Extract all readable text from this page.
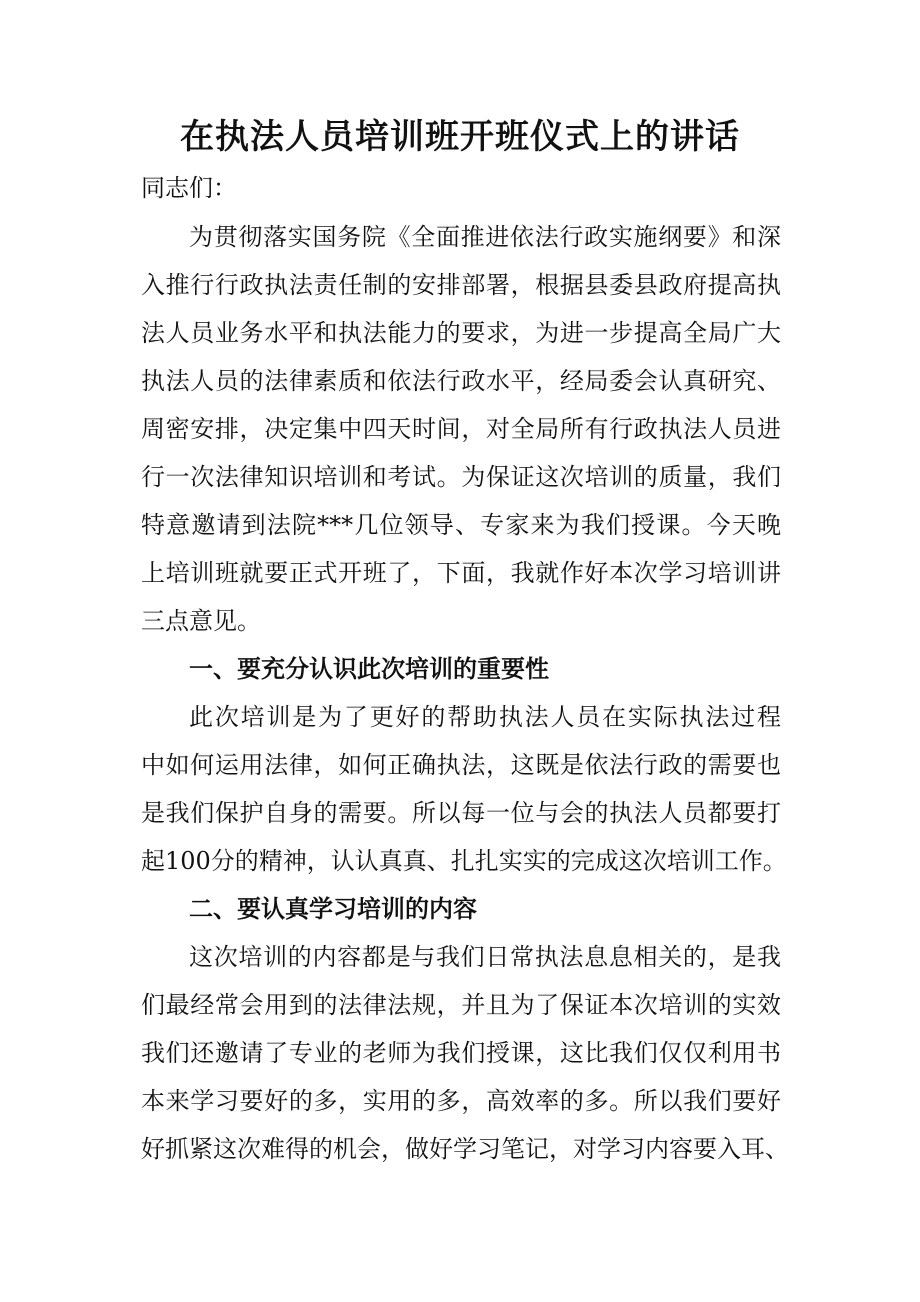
在执法人员培训班开班仪式上的讲话
同志们：
为贯彻落实国务院《全面推进依法行政实施纲要》和深
入推行行政执法责任制的安排部署，根据县委县政府提高执
法人员业务水平和执法能力的要求，为进一步提高全局广大
执法人员的法律素质和依法行政水平，经局委会认真研究、
周密安排，决定集中四天时间，对全局所有行政执法人员进
行一次法律知识培训和考试。为保证这次培训的质量，我们
特意邀请到法院***几位领导、专家来为我们授课。今天晚
上培训班就要正式开班了，下面，我就作好本次学习培训讲
三点意见。
一、要充分认识此次培训的重要性
此次培训是为了更好的帮助执法人员在实际执法过程
中如何运用法律，如何正确执法，这既是依法行政的需要也
是我们保护自身的需要。所以每一位与会的执法人员都要打
起100分的精神，认认真真、扎扎实实的完成这次培训工作。
二、要认真学习培训的内容
这次培训的内容都是与我们日常执法息息相关的，是我
们最经常会用到的法律法规，并且为了保证本次培训的实效
我们还邀请了专业的老师为我们授课，这比我们仅仅利用书
本来学习要好的多，实用的多，高效率的多。所以我们要好
好抓紧这次难得的机会，做好学习笔记，对学习内容要入耳、
